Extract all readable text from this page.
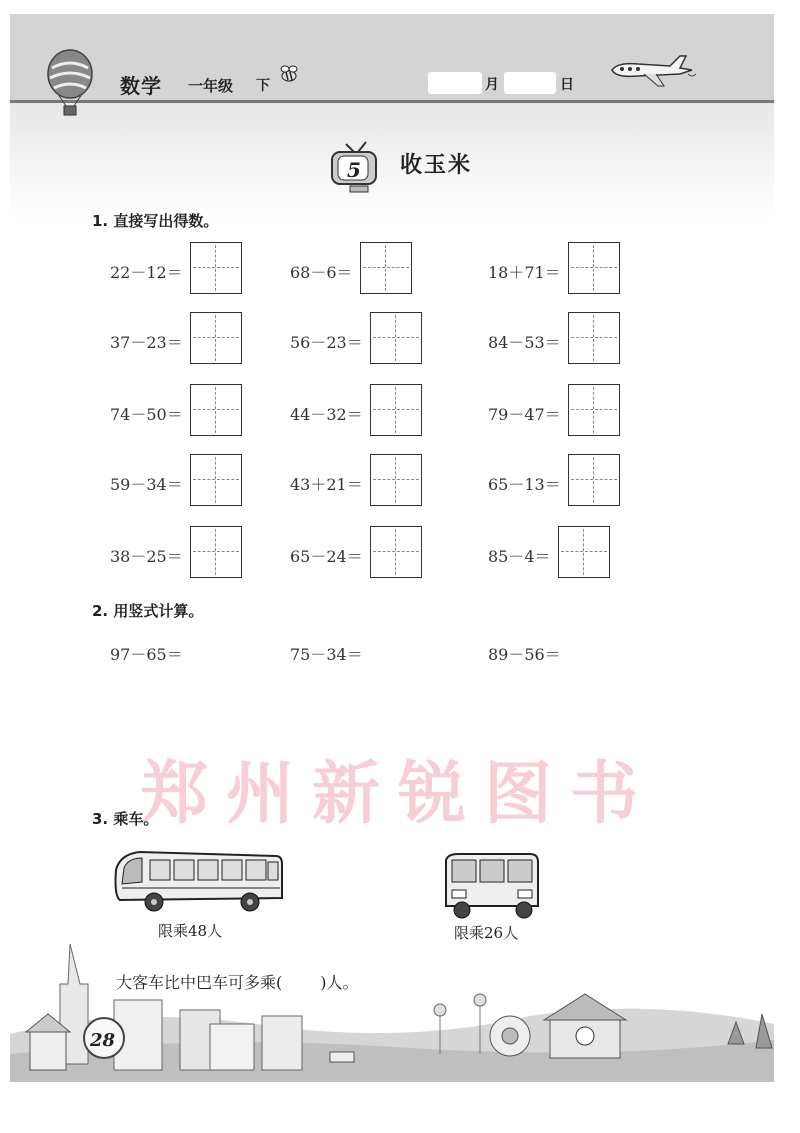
数学 一年级 下	月	日
5	收玉米
1. 直接写出得数。
22－12＝	68－6＝	18＋71＝
37－23＝	56－23＝	84－53＝
74－50＝	44－32＝	79－47＝
59－34＝	43＋21＝	65－13＝
38－25＝	65－24＝	85－4＝
2. 用竖式计算。
97－65＝	75－34＝	89－56＝
郑州新锐图书
3. 乘车。
限乘48人	限乘26人
大客车比中巴车可多乘( )人。
28
